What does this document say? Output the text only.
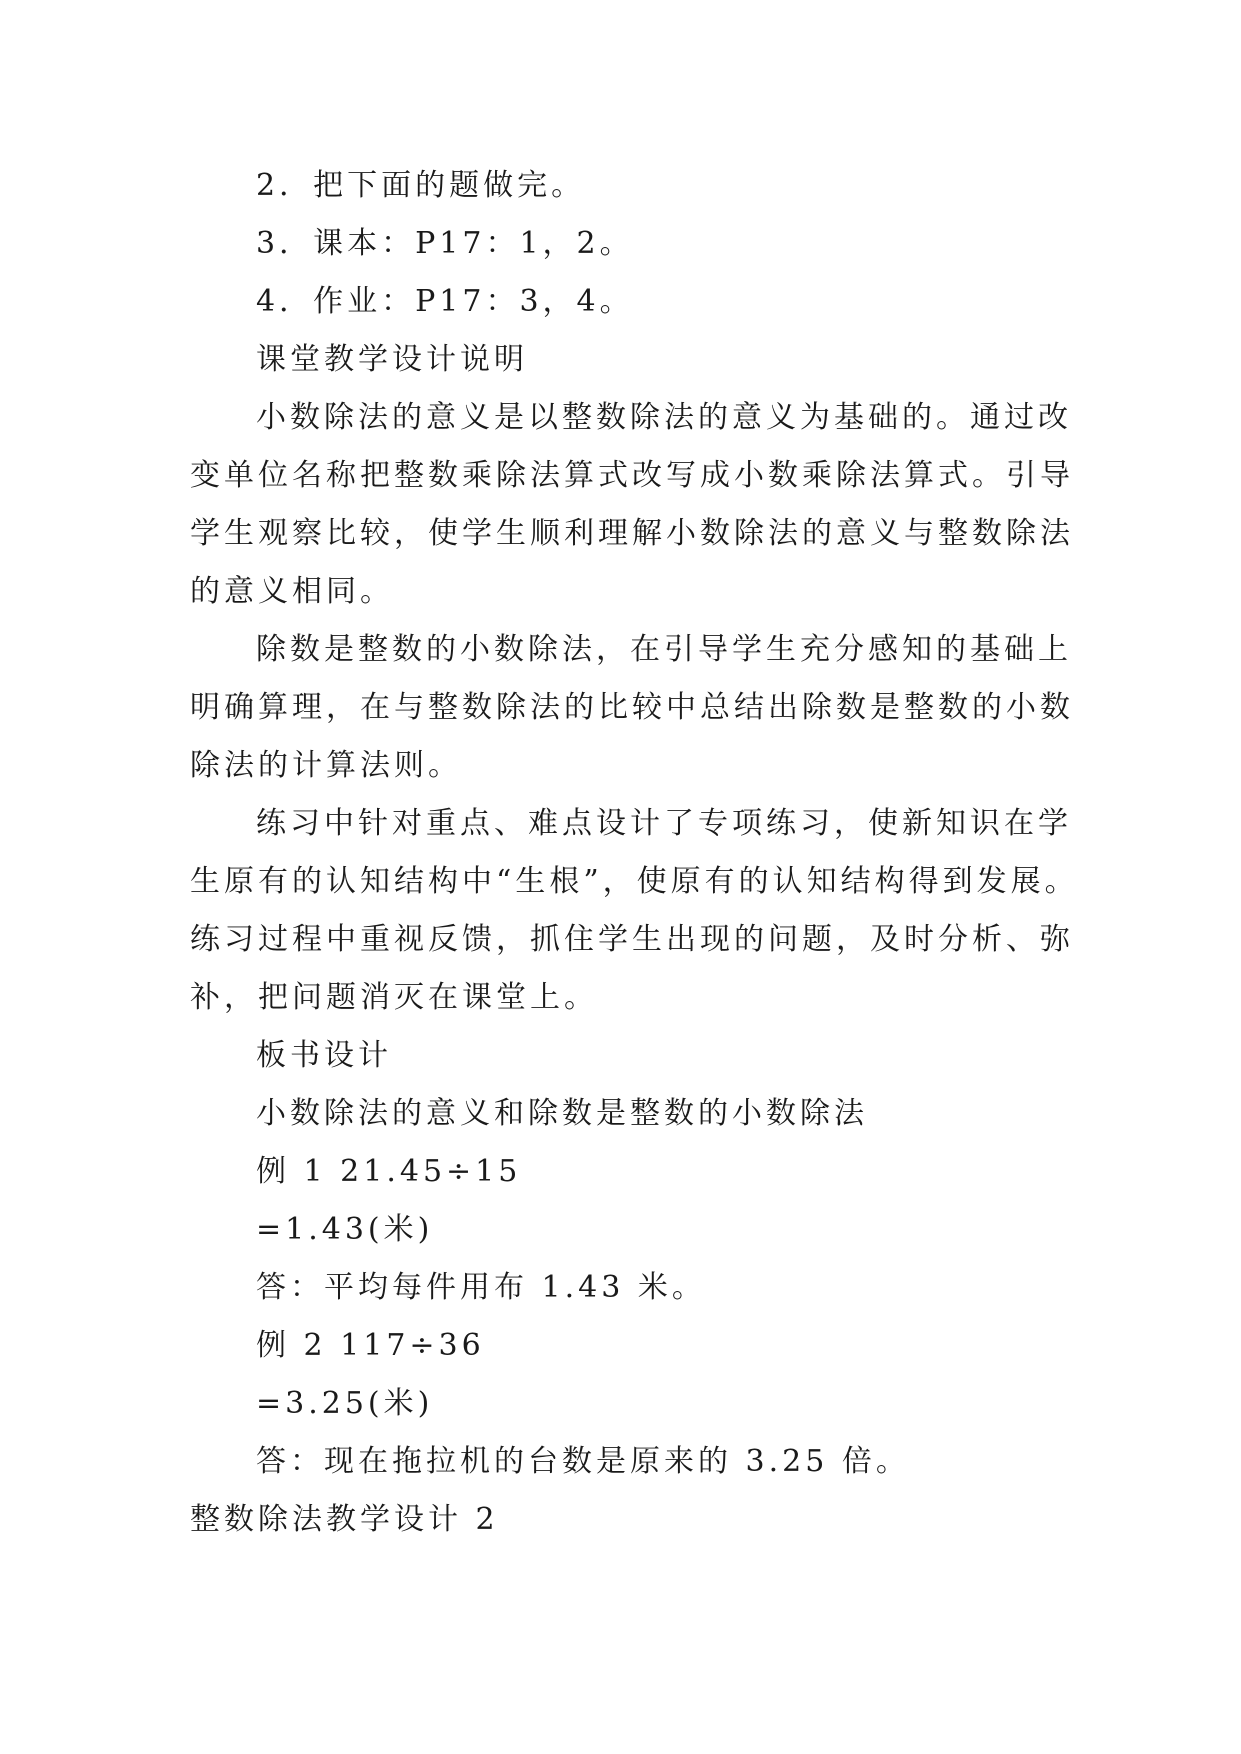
2．把下面的题做完。
3．课本：P17：1，2。
4．作业：P17：3，4。
课堂教学设计说明
小数除法的意义是以整数除法的意义为基础的。通过改
变单位名称把整数乘除法算式改写成小数乘除法算式。引导
学生观察比较，使学生顺利理解小数除法的意义与整数除法
的意义相同。
除数是整数的小数除法，在引导学生充分感知的基础上
明确算理，在与整数除法的比较中总结出除数是整数的小数
除法的计算法则。
练习中针对重点、难点设计了专项练习，使新知识在学
生原有的认知结构中“生根”，使原有的认知结构得到发展。
练习过程中重视反馈，抓住学生出现的问题，及时分析、弥
补，把问题消灭在课堂上。
板书设计
小数除法的意义和除数是整数的小数除法
例 1 21.45÷15
=1.43(米)
答：平均每件用布 1.43 米。
例 2 117÷36
=3.25(米)
答：现在拖拉机的台数是原来的 3.25 倍。
整数除法教学设计 2
